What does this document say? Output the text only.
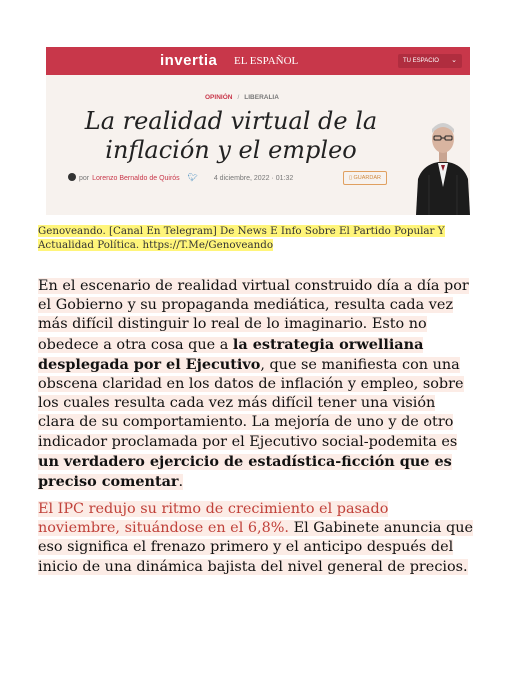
invertia EL ESPAÑOL	TU ESPACIO ⌄
OPINIÓN / LIBERALIA
La realidad virtual de la inflación y el empleo
por Lorenzo Bernaldo de Quirós 🐦︎ 4 diciembre, 2022 · 01:32	▯ GUARDAR
Genoveando. [Canal En Telegram] De News E Info Sobre El Partido Popular Y Actualidad Política. https://T.Me/Genoveando

En el escenario de realidad virtual construido día a día por el Gobierno y su propaganda mediática, resulta cada vez más difícil distinguir lo real de lo imaginario. Esto no obedece a otra cosa que a la estrategia orwelliana desplegada por el Ejecutivo, que se manifiesta con una obscena claridad en los datos de inflación y empleo, sobre los cuales resulta cada vez más difícil tener una visión clara de su comportamiento. La mejoría de uno y de otro indicador proclamada por el Ejecutivo social-podemita es un verdadero ejercicio de estadística-ficción que es preciso comentar.

El IPC redujo su ritmo de crecimiento el pasado noviembre, situándose en el 6,8%. El Gabinete anuncia que eso significa el frenazo primero y el anticipo después del inicio de una dinámica bajista del nivel general de precios.
